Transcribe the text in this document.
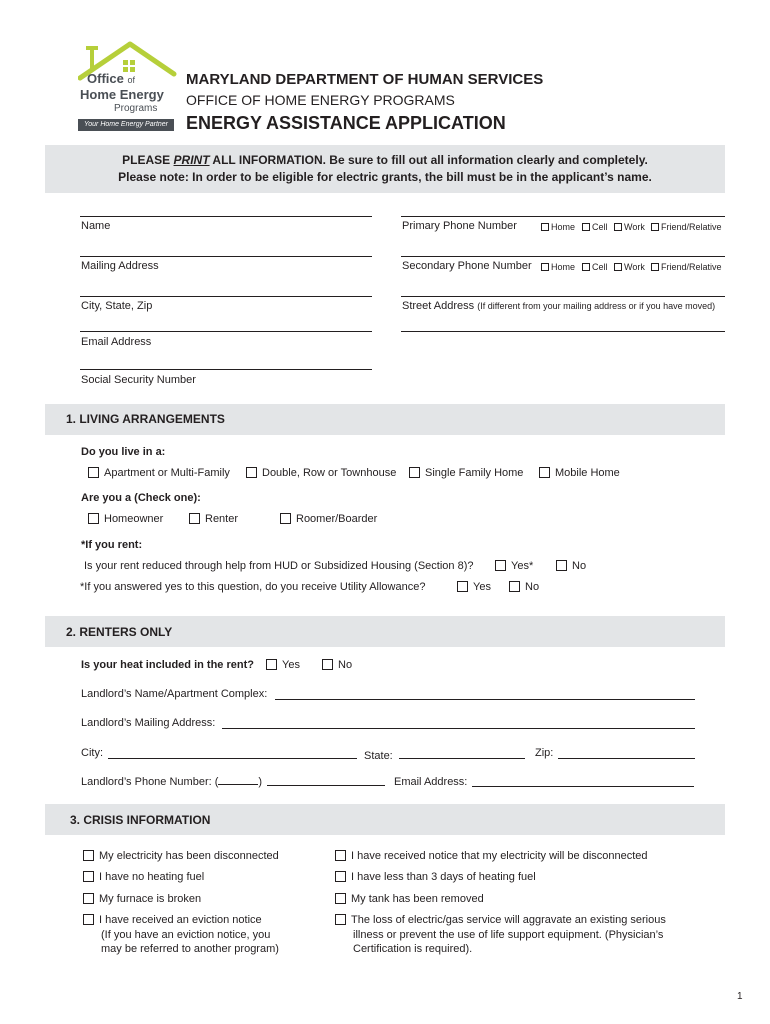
Office of
Home Energy
Programs
Your Home Energy Partner
MARYLAND DEPARTMENT OF HUMAN SERVICES
OFFICE OF HOME ENERGY PROGRAMS
ENERGY ASSISTANCE APPLICATION
PLEASE PRINT ALL INFORMATION. Be sure to fill out all information clearly and completely.
Please note: In order to be eligible for electric grants, the bill must be in the applicant’s name.
Name
Mailing Address
City, State, Zip
Email Address
Social Security Number
Primary Phone Number	Home	Cell	Work	Friend/Relative
Secondary Phone Number	Home	Cell	Work	Friend/Relative
Street Address (If different from your mailing address or if you have moved)
1. LIVING ARRANGEMENTS
Do you live in a:
Apartment or Multi-Family	Double, Row or Townhouse	Single Family Home	Mobile Home
Are you a (Check one):
Homeowner	Renter	Roomer/Boarder
*If you rent:
Is your rent reduced through help from HUD or Subsidized Housing (Section 8)?	Yes*	No
*If you answered yes to this question, do you receive Utility Allowance?	Yes	No
2. RENTERS ONLY
Is your heat included in the rent?	Yes	No
Landlord’s Name/Apartment Complex:
Landlord’s Mailing Address:
City:	State:	Zip:
Landlord’s Phone Number: (	)	Email Address:
3. CRISIS INFORMATION
My electricity has been disconnected
I have no heating fuel
My furnace is broken
I have received an eviction notice
(If you have an eviction notice, you
may be referred to another program)
I have received notice that my electricity will be disconnected
I have less than 3 days of heating fuel
My tank has been removed
The loss of electric/gas service will aggravate an existing serious
illness or prevent the use of life support equipment. (Physician’s
Certification is required).
1
